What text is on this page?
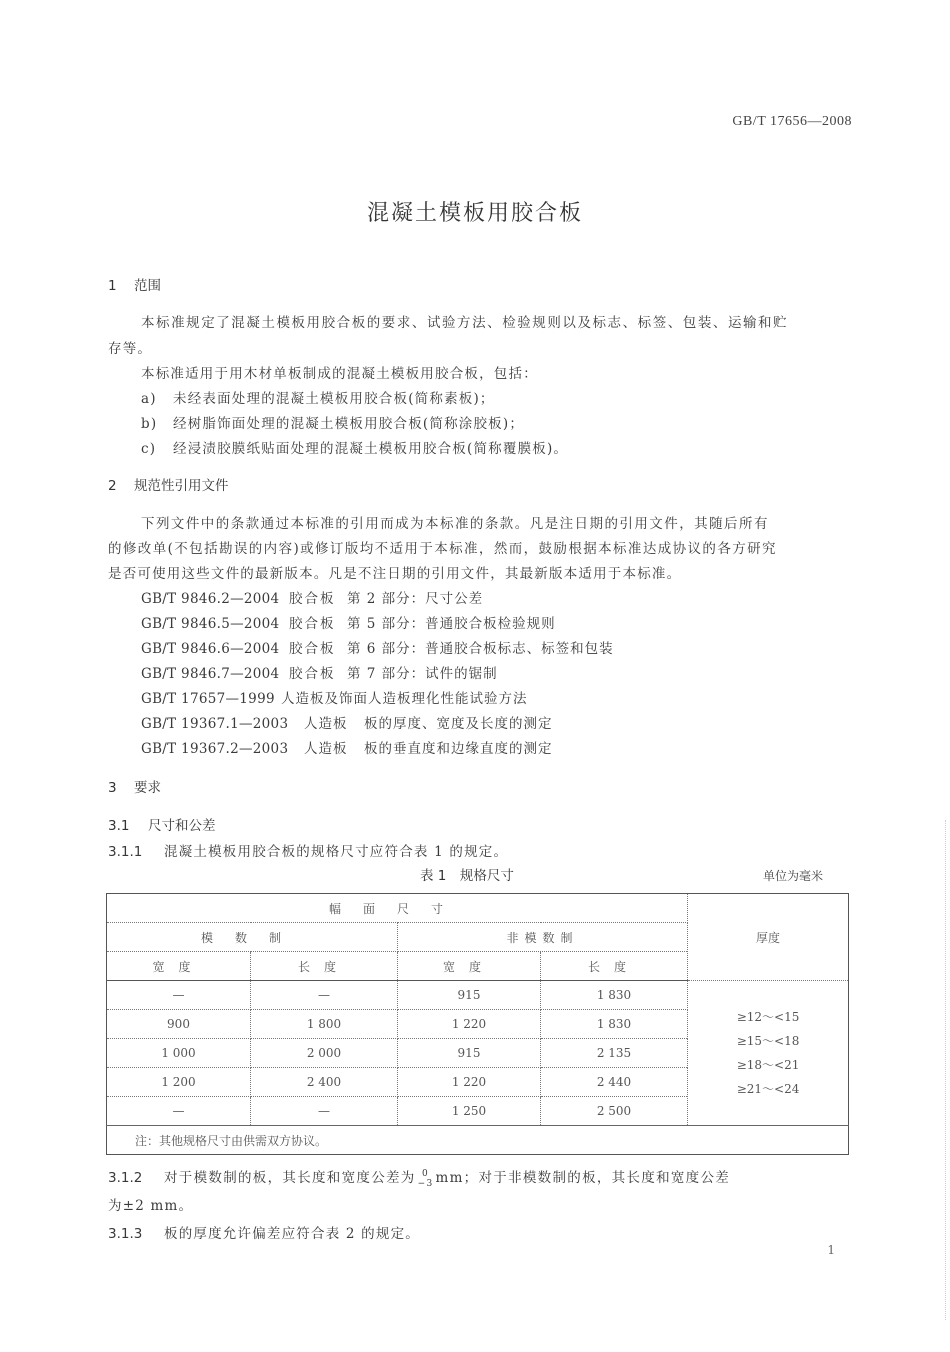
GB/T 17656—2008
混凝土模板用胶合板
1 范围
本标准规定了混凝土模板用胶合板的要求、试验方法、检验规则以及标志、标签、包装、运输和贮
存等。
本标准适用于用木材单板制成的混凝土模板用胶合板，包括：
a) 未经表面处理的混凝土模板用胶合板(简称素板)；
b) 经树脂饰面处理的混凝土模板用胶合板(简称涂胶板)；
c) 经浸渍胶膜纸贴面处理的混凝土模板用胶合板(简称覆膜板)。
2 规范性引用文件
下列文件中的条款通过本标准的引用而成为本标准的条款。凡是注日期的引用文件，其随后所有
的修改单(不包括勘误的内容)或修订版均不适用于本标准，然而，鼓励根据本标准达成协议的各方研究
是否可使用这些文件的最新版本。凡是不注日期的引用文件，其最新版本适用于本标准。
GB/T 9846.2—2004 胶合板 第 2 部分：尺寸公差
GB/T 9846.5—2004 胶合板 第 5 部分：普通胶合板检验规则
GB/T 9846.6—2004 胶合板 第 6 部分：普通胶合板标志、标签和包装
GB/T 9846.7—2004 胶合板 第 7 部分：试件的锯制
GB/T 17657—1999 人造板及饰面人造板理化性能试验方法
GB/T 19367.1—2003 人造板 板的厚度、宽度及长度的测定
GB/T 19367.2—2003 人造板 板的垂直度和边缘直度的测定
3 要求
3.1 尺寸和公差
3.1.1 混凝土模板用胶合板的规格尺寸应符合表 1 的规定。
表 1　规格尺寸	单位为毫米
幅面尺寸				厚度
模数制		非模数制		
宽度	长度	宽度	长度	
—	—	915	1 830	≥12～<15
≥15～<18
≥18～<21
≥21～<24

900	1 800	1 220	1 830	
1 000	2 000	915	2 135	
1 200	2 400	1 220	2 440	
—	—	1 250	2 500	
注：其他规格尺寸由供需双方协议。				
3.1.2 对于模数制的板，其长度和宽度公差为 0
−3 mm；对于非模数制的板，其长度和宽度公差
为±2 mm。
3.1.3 板的厚度允许偏差应符合表 2 的规定。
1
